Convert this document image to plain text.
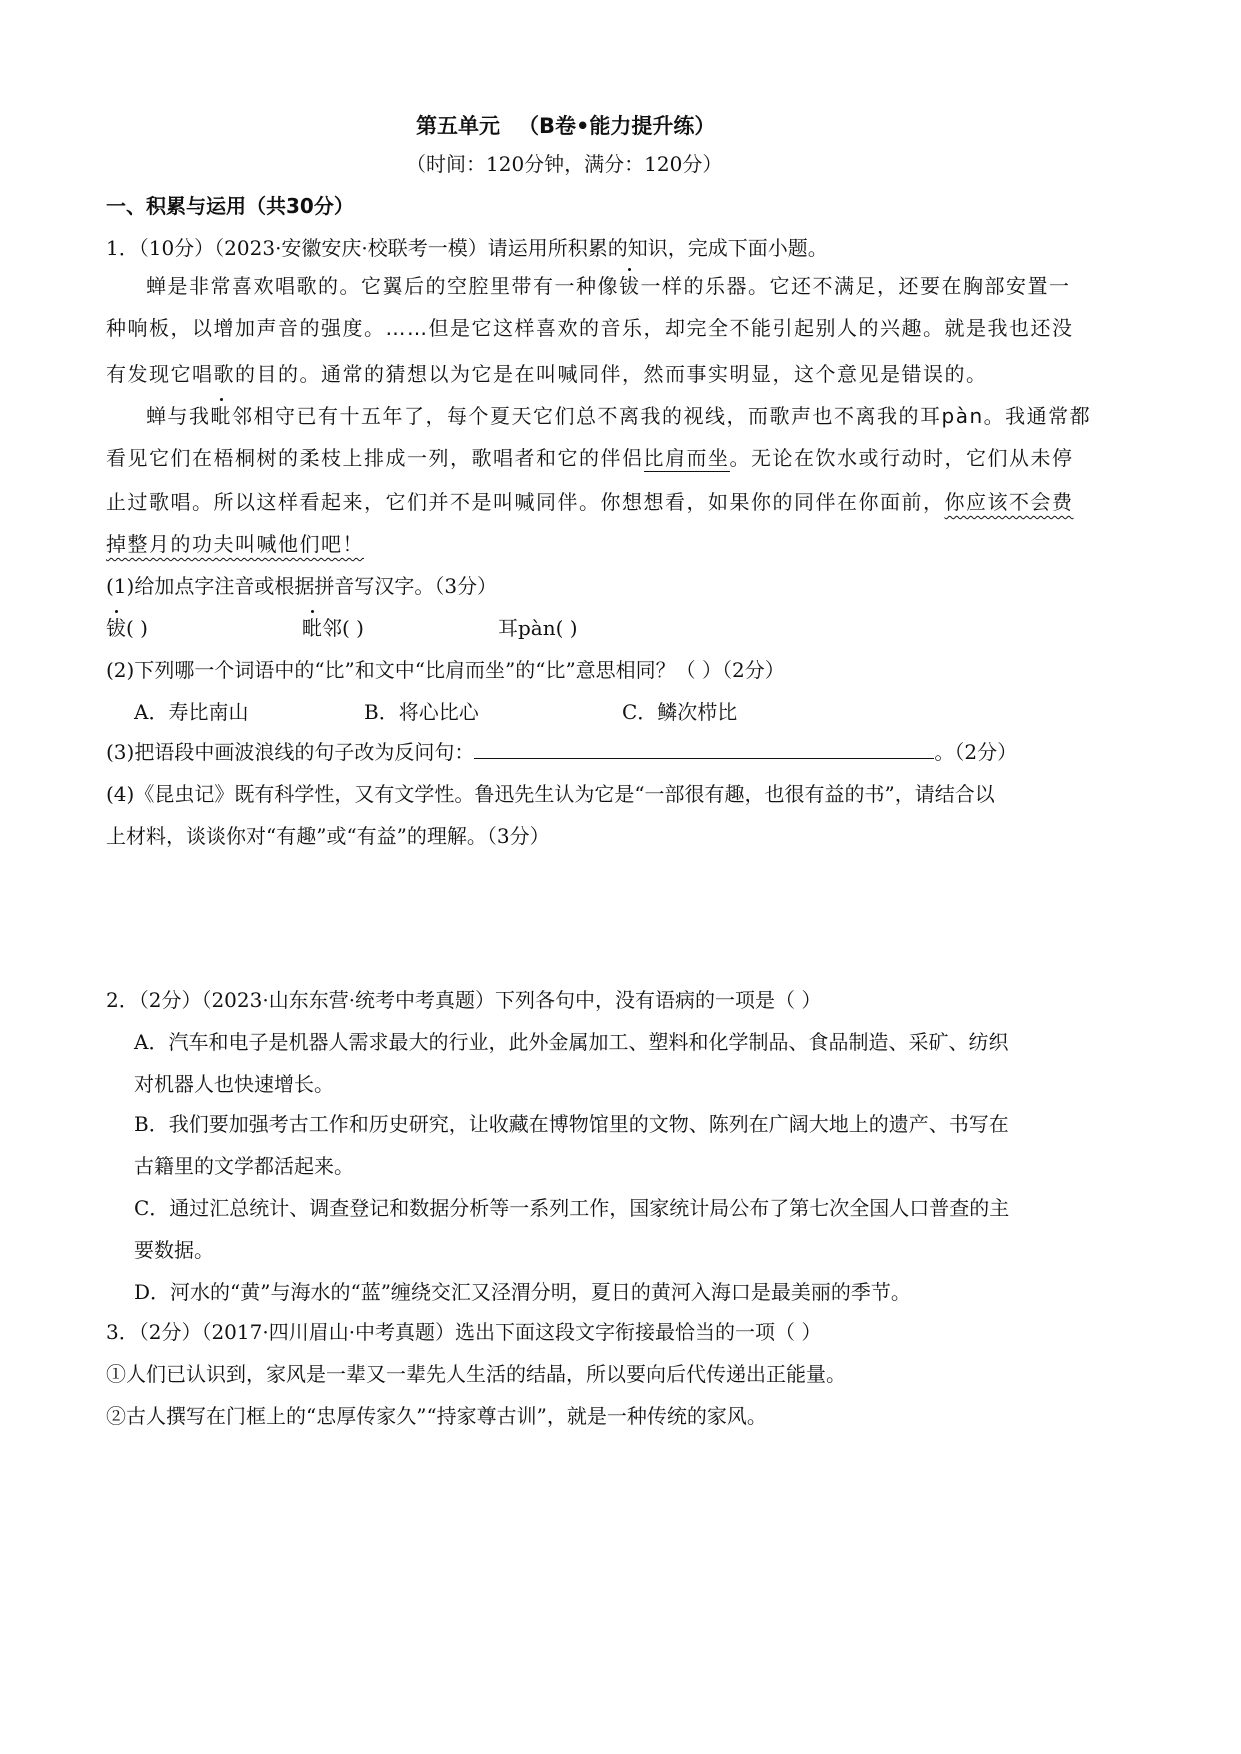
第五单元 （B卷•能力提升练）
（时间：120分钟，满分：120分）
一、积累与运用（共30分）
1．（10分）（2023·安徽安庆·校联考一模）请运用所积累的知识，完成下面小题。
蝉是非常喜欢唱歌的。它翼后的空腔里带有一种像钹一样的乐器。它还不满足，还要在胸部安置一
种响板，以增加声音的强度。……但是它这样喜欢的音乐，却完全不能引起别人的兴趣。就是我也还没
有发现它唱歌的目的。通常的猜想以为它是在叫喊同伴，然而事实明显，这个意见是错误的。
蝉与我毗邻相守已有十五年了，每个夏天它们总不离我的视线，而歌声也不离我的耳pàn。我通常都
看见它们在梧桐树的柔枝上排成一列，歌唱者和它的伴侣比肩而坐。无论在饮水或行动时，它们从未停
止过歌唱。所以这样看起来，它们并不是叫喊同伴。你想想看，如果你的同伴在你面前，你应该不会费
掉整月的功夫叫喊他们吧！
(1)给加点字注音或根据拼音写汉字。（3分）
钹( )	毗邻( )	耳pàn( )
(2)下列哪一个词语中的“比”和文中“比肩而坐”的“比”意思相同？（ ）（2分）
A．寿比南山	B．将心比心	C．鳞次栉比
(3)把语段中画波浪线的句子改为反问句：	。（2分）
(4)《昆虫记》既有科学性，又有文学性。鲁迅先生认为它是“一部很有趣，也很有益的书”，请结合以
上材料，谈谈你对“有趣”或“有益”的理解。（3分）
2．（2分）（2023·山东东营·统考中考真题）下列各句中，没有语病的一项是（ ）
A．汽车和电子是机器人需求最大的行业，此外金属加工、塑料和化学制品、食品制造、采矿、纺织
对机器人也快速增长。
B．我们要加强考古工作和历史研究，让收藏在博物馆里的文物、陈列在广阔大地上的遗产、书写在
古籍里的文学都活起来。
C．通过汇总统计、调查登记和数据分析等一系列工作，国家统计局公布了第七次全国人口普查的主
要数据。
D．河水的“黄”与海水的“蓝”缠绕交汇又泾渭分明，夏日的黄河入海口是最美丽的季节。
3．（2分）（2017·四川眉山·中考真题）选出下面这段文字衔接最恰当的一项（ ）
①人们已认识到，家风是一辈又一辈先人生活的结晶，所以要向后代传递出正能量。
②古人撰写在门框上的“忠厚传家久”“持家尊古训”，就是一种传统的家风。
